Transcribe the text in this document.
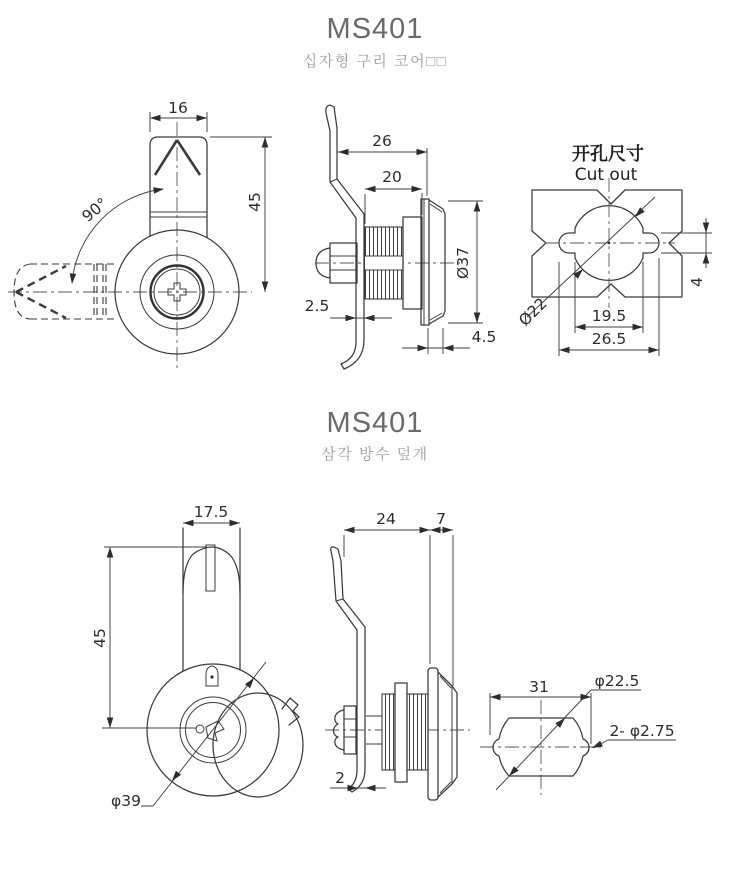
MS401
십자형 구리 코어□□
MS401
삼각 방수 덮개
16
45
90°
26
20
2.5
Ø37
4.5
开孔尺寸
Cut out
Ø22	19.5
26.5
4
17.5
45
φ39
24	7
2
31	φ22.5
2- φ2.75
